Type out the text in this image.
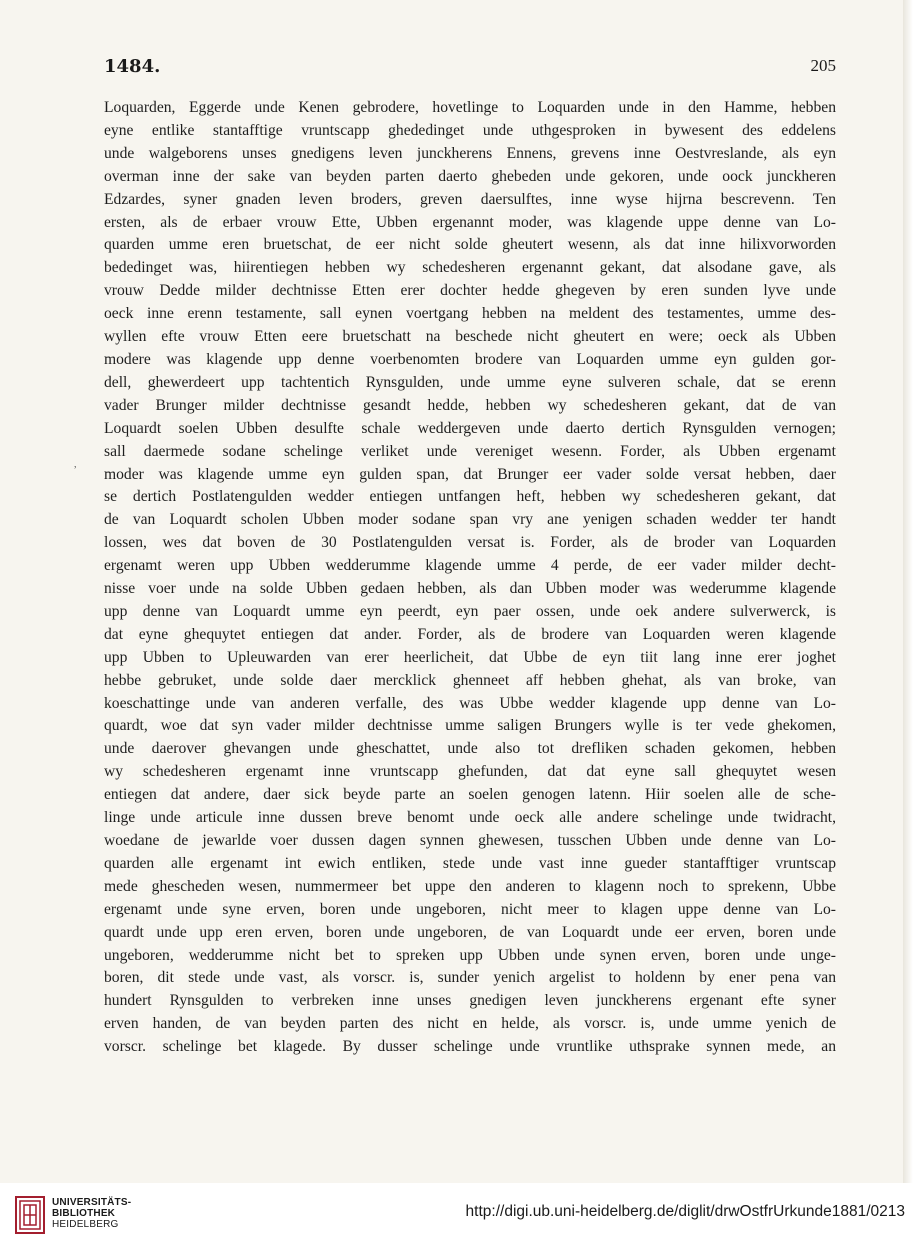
1484.	205
,
Loquarden, Eggerde unde Kenen gebrodere, hovetlinge to Loquarden unde in den Hamme, hebben
eyne entlike stantafftige vruntscapp ghededinget unde uthgesproken in bywesent des eddelens
unde walgeborens unses gnedigens leven junckherens Ennens, grevens inne Oestvreslande, als eyn
overman inne der sake van beyden parten daerto ghebeden unde gekoren, unde oock junckheren
Edzardes, syner gnaden leven broders, greven daersulftes, inne wyse hijrna bescrevenn. Ten
ersten, als de erbaer vrouw Ette, Ubben ergenannt moder, was klagende uppe denne van Lo-
quarden umme eren bruetschat, de eer nicht solde gheutert wesenn, als dat inne hilixvorworden
bededinget was, hiirentiegen hebben wy schedesheren ergenannt gekant, dat alsodane gave, als
vrouw Dedde milder dechtnisse Etten erer dochter hedde ghegeven by eren sunden lyve unde
oeck inne erenn testamente, sall eynen voertgang hebben na meldent des testamentes, umme des-
wyllen efte vrouw Etten eere bruetschatt na beschede nicht gheutert en were; oeck als Ubben
modere was klagende upp denne voerbenomten brodere van Loquarden umme eyn gulden gor-
dell, ghewerdeert upp tachtentich Rynsgulden, unde umme eyne sulveren schale, dat se erenn
vader Brunger milder dechtnisse gesandt hedde, hebben wy schedesheren gekant, dat de van
Loquardt soelen Ubben desulfte schale weddergeven unde daerto dertich Rynsgulden vernogen;
sall daermede sodane schelinge verliket unde vereniget wesenn. Forder, als Ubben ergenamt
moder was klagende umme eyn gulden span, dat Brunger eer vader solde versat hebben, daer
se dertich Postlatengulden wedder entiegen untfangen heft, hebben wy schedesheren gekant, dat
de van Loquardt scholen Ubben moder sodane span vry ane yenigen schaden wedder ter handt
lossen, wes dat boven de 30 Postlatengulden versat is. Forder, als de broder van Loquarden
ergenamt weren upp Ubben wedderumme klagende umme 4 perde, de eer vader milder decht-
nisse voer unde na solde Ubben gedaen hebben, als dan Ubben moder was wederumme klagende
upp denne van Loquardt umme eyn peerdt, eyn paer ossen, unde oek andere sulverwerck, is
dat eyne ghequytet entiegen dat ander. Forder, als de brodere van Loquarden weren klagende
upp Ubben to Upleuwarden van erer heerlicheit, dat Ubbe de eyn tiit lang inne erer joghet
hebbe gebruket, unde solde daer mercklick ghenneet aff hebben ghehat, als van broke, van
koeschattinge unde van anderen verfalle, des was Ubbe wedder klagende upp denne van Lo-
quardt, woe dat syn vader milder dechtnisse umme saligen Brungers wylle is ter vede ghekomen,
unde daerover ghevangen unde gheschattet, unde also tot drefliken schaden gekomen, hebben
wy schedesheren ergenamt inne vruntscapp ghefunden, dat dat eyne sall ghequytet wesen
entiegen dat andere, daer sick beyde parte an soelen genogen latenn. Hiir soelen alle de sche-
linge unde articule inne dussen breve benomt unde oeck alle andere schelinge unde twidracht,
woedane de jewarlde voer dussen dagen synnen ghewesen, tusschen Ubben unde denne van Lo-
quarden alle ergenamt int ewich entliken, stede unde vast inne gueder stantafftiger vruntscap
mede ghescheden wesen, nummermeer bet uppe den anderen to klagenn noch to sprekenn, Ubbe
ergenamt unde syne erven, boren unde ungeboren, nicht meer to klagen uppe denne van Lo-
quardt unde upp eren erven, boren unde ungeboren, de van Loquardt unde eer erven, boren unde
ungeboren, wedderumme nicht bet to spreken upp Ubben unde synen erven, boren unde unge-
boren, dit stede unde vast, als vorscr. is, sunder yenich argelist to holdenn by ener pena van
hundert Rynsgulden to verbreken inne unses gnedigen leven junckherens ergenant efte syner
erven handen, de van beyden parten des nicht en helde, als vorscr. is, unde umme yenich de
vorscr. schelinge bet klagede. By dusser schelinge unde vruntlike uthsprake synnen mede, an
UNIVERSITÄTS-
BIBLIOTHEK
HEIDELBERG
http://digi.ub.uni-heidelberg.de/diglit/drwOstfrUrkunde1881/0213
